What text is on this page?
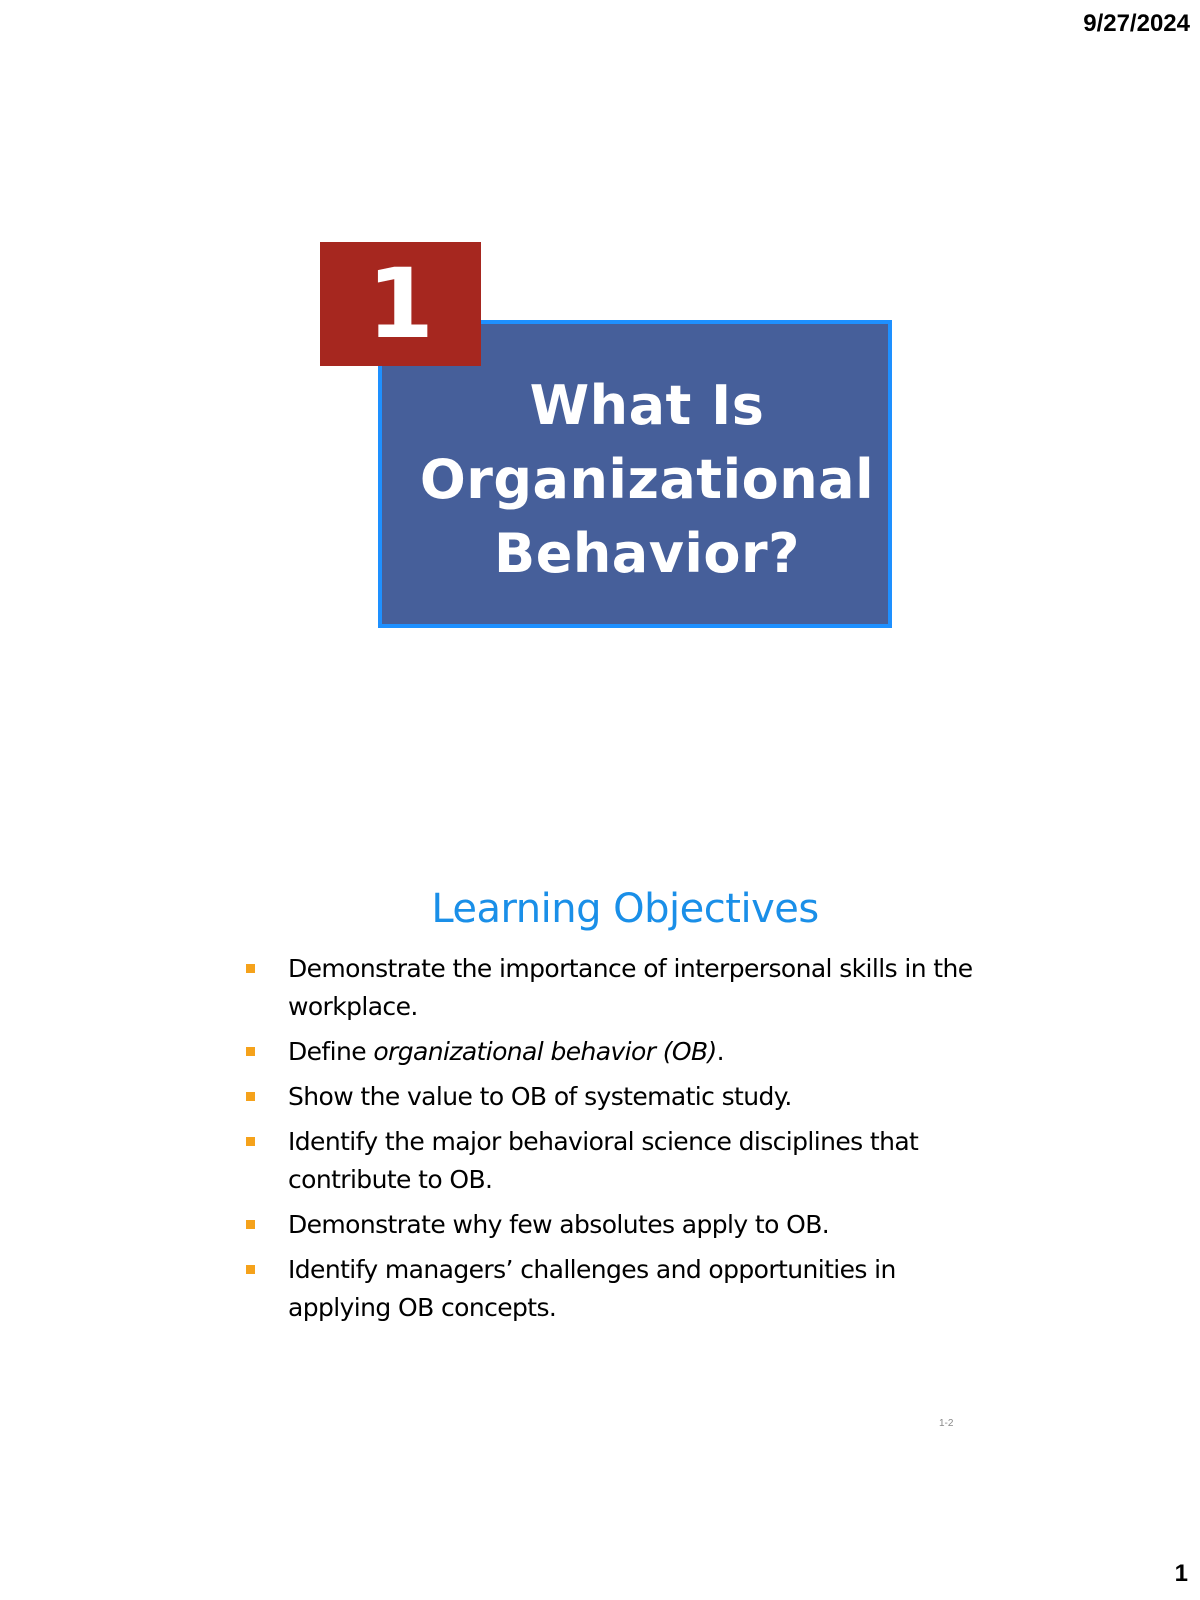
9/27/2024
What Is
Organizational
Behavior?
1
Learning Objectives
Demonstrate the importance of interpersonal skills in the workplace.
Define organizational behavior (OB).
Show the value to OB of systematic study.
Identify the major behavioral science disciplines that contribute to OB.
Demonstrate why few absolutes apply to OB.
Identify managers’ challenges and opportunities in applying OB concepts.
1-2
1
